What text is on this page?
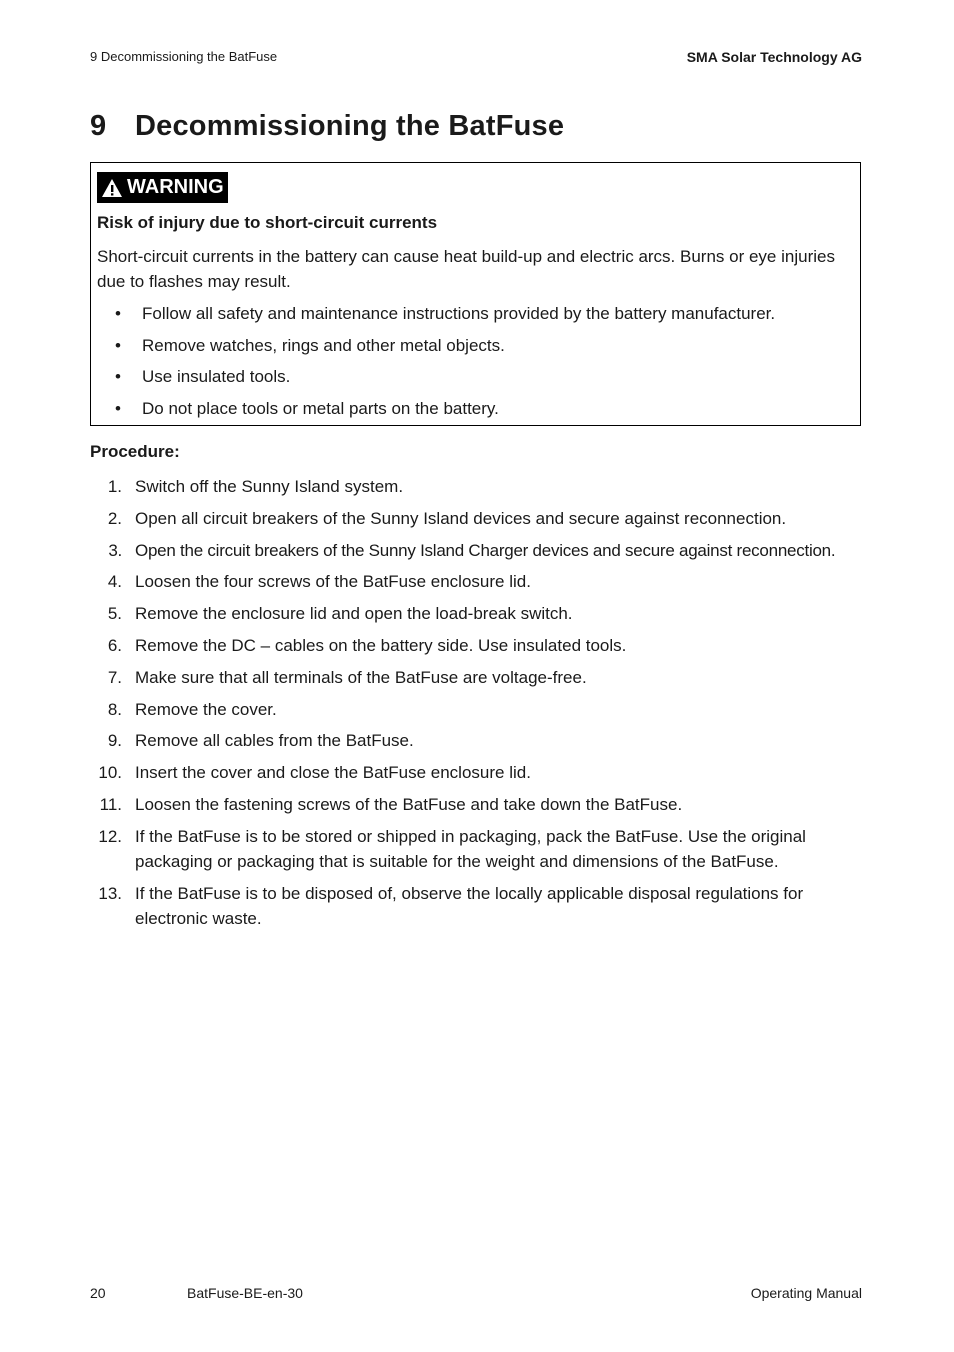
9 Decommissioning the BatFuse	SMA Solar Technology AG
9 Decommissioning the BatFuse
WARNING
Risk of injury due to short-circuit currents

Short-circuit currents in the battery can cause heat build-up and electric arcs. Burns or eye injuries due to flashes may result.

• Follow all safety and maintenance instructions provided by the battery manufacturer.
• Remove watches, rings and other metal objects.
• Use insulated tools.
• Do not place tools or metal parts on the battery.
Procedure:
1. Switch off the Sunny Island system.
2. Open all circuit breakers of the Sunny Island devices and secure against reconnection.
3. Open the circuit breakers of the Sunny Island Charger devices and secure against reconnection.
4. Loosen the four screws of the BatFuse enclosure lid.
5. Remove the enclosure lid and open the load-break switch.
6. Remove the DC – cables on the battery side. Use insulated tools.
7. Make sure that all terminals of the BatFuse are voltage-free.
8. Remove the cover.
9. Remove all cables from the BatFuse.
10. Insert the cover and close the BatFuse enclosure lid.
11. Loosen the fastening screws of the BatFuse and take down the BatFuse.
12. If the BatFuse is to be stored or shipped in packaging, pack the BatFuse. Use the original packaging or packaging that is suitable for the weight and dimensions of the BatFuse.
13. If the BatFuse is to be disposed of, observe the locally applicable disposal regulations for electronic waste.
20	BatFuse-BE-en-30	Operating Manual
